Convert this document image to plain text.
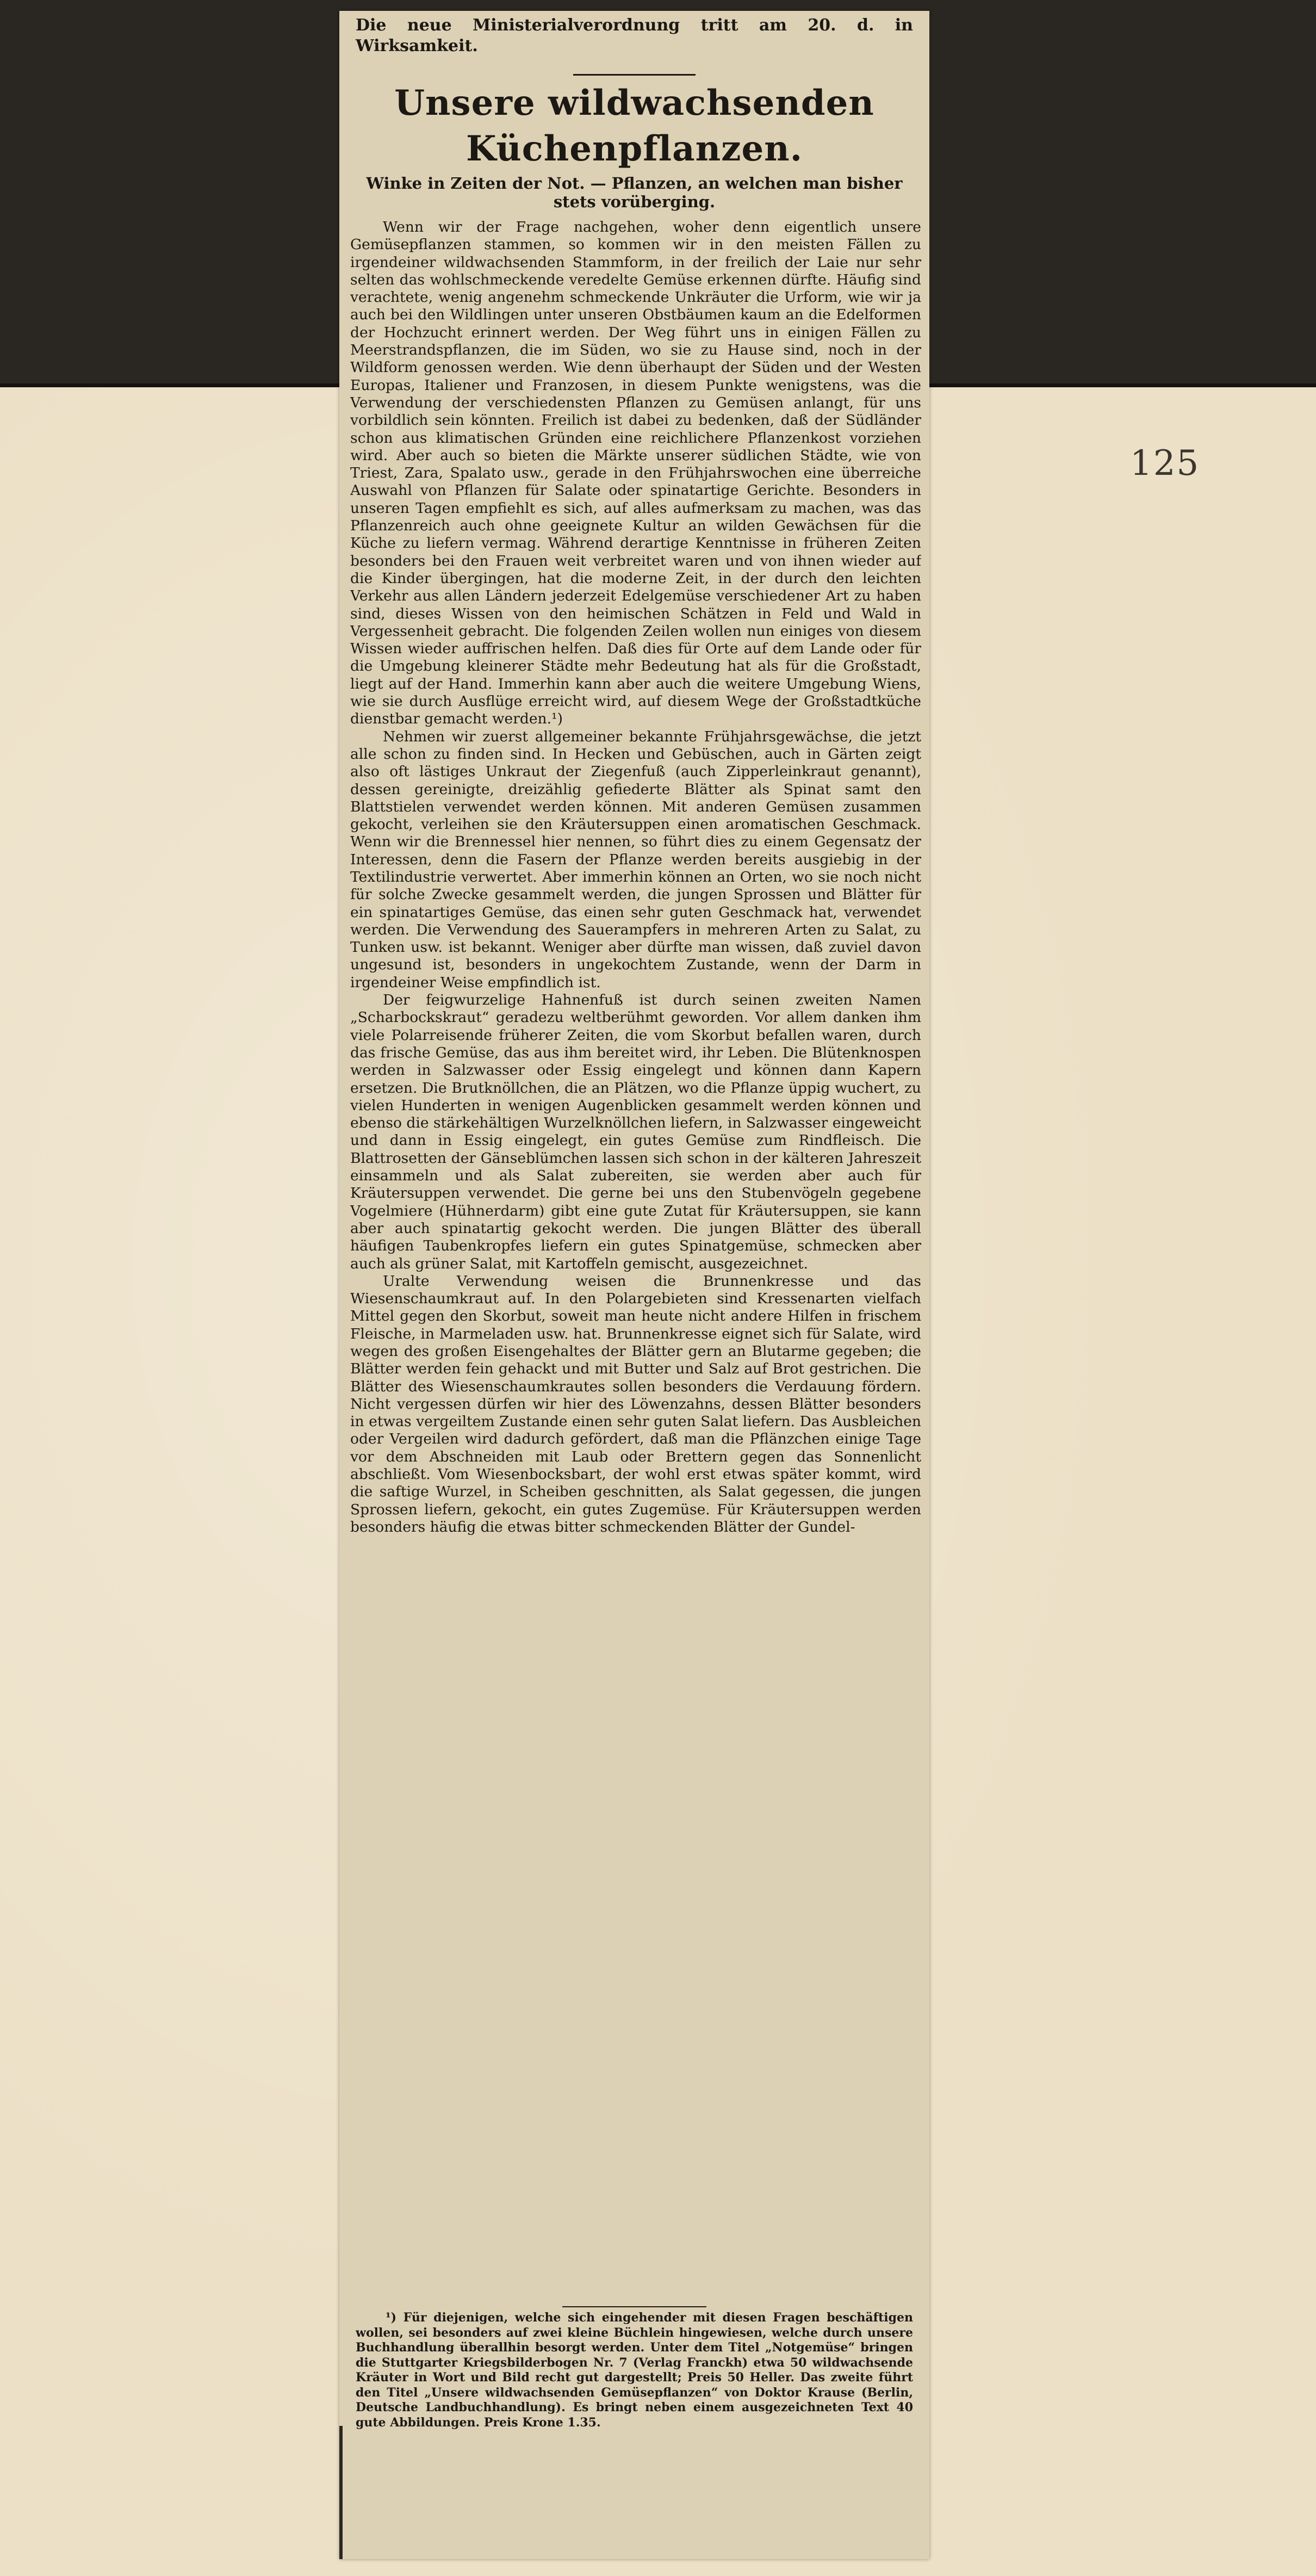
125
Die neue Ministerialverordnung tritt am 20. d. in Wirksamkeit.
Unsere wildwachsenden Küchenpflanzen.
Winke in Zeiten der Not. — Pflanzen, an welchen man bisher stets vorüberging.

Wenn wir der Frage nachgehen, woher denn eigentlich unsere Gemüsepflanzen stammen, so kommen wir in den meisten Fällen zu irgendeiner wildwachsenden Stammform, in der freilich der Laie nur sehr selten das wohlschmeckende veredelte Gemüse erkennen dürfte. Häufig sind verachtete, wenig angenehm schmeckende Unkräuter die Urform, wie wir ja auch bei den Wildlingen unter unseren Obstbäumen kaum an die Edelformen der Hochzucht erinnert werden. Der Weg führt uns in einigen Fällen zu Meerstrandspflanzen, die im Süden, wo sie zu Hause sind, noch in der Wildform genossen werden. Wie denn überhaupt der Süden und der Westen Europas, Italiener und Franzosen, in diesem Punkte wenigstens, was die Verwendung der verschiedensten Pflanzen zu Gemüsen anlangt, für uns vorbildlich sein könnten. Freilich ist dabei zu bedenken, daß der Südländer schon aus klimatischen Gründen eine reichlichere Pflanzenkost vorziehen wird. Aber auch so bieten die Märkte unserer südlichen Städte, wie von Triest, Zara, Spalato usw., gerade in den Frühjahrswochen eine überreiche Auswahl von Pflanzen für Salate oder spinatartige Gerichte. Besonders in unseren Tagen empfiehlt es sich, auf alles aufmerksam zu machen, was das Pflanzenreich auch ohne geeignete Kultur an wilden Gewächsen für die Küche zu liefern vermag. Während derartige Kenntnisse in früheren Zeiten besonders bei den Frauen weit verbreitet waren und von ihnen wieder auf die Kinder übergingen, hat die moderne Zeit, in der durch den leichten Verkehr aus allen Ländern jederzeit Edelgemüse verschiedener Art zu haben sind, dieses Wissen von den heimischen Schätzen in Feld und Wald in Vergessenheit gebracht. Die folgenden Zeilen wollen nun einiges von diesem Wissen wieder auffrischen helfen. Daß dies für Orte auf dem Lande oder für die Umgebung kleinerer Städte mehr Bedeutung hat als für die Großstadt, liegt auf der Hand. Immerhin kann aber auch die weitere Umgebung Wiens, wie sie durch Ausflüge erreicht wird, auf diesem Wege der Großstadtküche dienstbar gemacht werden.¹)

Nehmen wir zuerst allgemeiner bekannte Frühjahrsgewächse, die jetzt alle schon zu finden sind. In Hecken und Gebüschen, auch in Gärten zeigt also oft lästiges Unkraut der Ziegenfuß (auch Zipperleinkraut genannt), dessen gereinigte, dreizählig gefiederte Blätter als Spinat samt den Blattstielen verwendet werden können. Mit anderen Gemüsen zusammen gekocht, verleihen sie den Kräutersuppen einen aromatischen Geschmack. Wenn wir die Brennessel hier nennen, so führt dies zu einem Gegensatz der Interessen, denn die Fasern der Pflanze werden bereits ausgiebig in der Textilindustrie verwertet. Aber immerhin können an Orten, wo sie noch nicht für solche Zwecke gesammelt werden, die jungen Sprossen und Blätter für ein spinatartiges Gemüse, das einen sehr guten Geschmack hat, verwendet werden. Die Verwendung des Sauerampfers in mehreren Arten zu Salat, zu Tunken usw. ist bekannt. Weniger aber dürfte man wissen, daß zuviel davon ungesund ist, besonders in ungekochtem Zustande, wenn der Darm in irgendeiner Weise empfindlich ist.

Der feigwurzelige Hahnenfuß ist durch seinen zweiten Namen „Scharbockskraut“ geradezu weltberühmt geworden. Vor allem danken ihm viele Polarreisende früherer Zeiten, die vom Skorbut befallen waren, durch das frische Gemüse, das aus ihm bereitet wird, ihr Leben. Die Blütenknospen werden in Salzwasser oder Essig eingelegt und können dann Kapern ersetzen. Die Brutknöllchen, die an Plätzen, wo die Pflanze üppig wuchert, zu vielen Hunderten in wenigen Augenblicken gesammelt werden können und ebenso die stärkehältigen Wurzelknöllchen liefern, in Salzwasser eingeweicht und dann in Essig eingelegt, ein gutes Gemüse zum Rindfleisch. Die Blattrosetten der Gänseblümchen lassen sich schon in der kälteren Jahreszeit einsammeln und als Salat zubereiten, sie werden aber auch für Kräutersuppen verwendet. Die gerne bei uns den Stubenvögeln gegebene Vogelmiere (Hühnerdarm) gibt eine gute Zutat für Kräutersuppen, sie kann aber auch spinatartig gekocht werden. Die jungen Blätter des überall häufigen Taubenkropfes liefern ein gutes Spinatgemüse, schmecken aber auch als grüner Salat, mit Kartoffeln gemischt, ausgezeichnet.

Uralte Verwendung weisen die Brunnenkresse und das Wiesenschaumkraut auf. In den Polargebieten sind Kressenarten vielfach Mittel gegen den Skorbut, soweit man heute nicht andere Hilfen in frischem Fleische, in Marmeladen usw. hat. Brunnenkresse eignet sich für Salate, wird wegen des großen Eisengehaltes der Blätter gern an Blutarme gegeben; die Blätter werden fein gehackt und mit Butter und Salz auf Brot gestrichen. Die Blätter des Wiesenschaumkrautes sollen besonders die Verdauung fördern. Nicht vergessen dürfen wir hier des Löwenzahns, dessen Blätter besonders in etwas vergeiltem Zustande einen sehr guten Salat liefern. Das Ausbleichen oder Vergeilen wird dadurch gefördert, daß man die Pflänzchen einige Tage vor dem Abschneiden mit Laub oder Brettern gegen das Sonnenlicht abschließt. Vom Wiesenbocksbart, der wohl erst etwas später kommt, wird die saftige Wurzel, in Scheiben geschnitten, als Salat gegessen, die jungen Sprossen liefern, gekocht, ein gutes Zugemüse. Für Kräutersuppen werden besonders häufig die etwas bitter schmeckenden Blätter der Gundel-

¹) Für diejenigen, welche sich eingehender mit diesen Fragen beschäftigen wollen, sei besonders auf zwei kleine Büchlein hingewiesen, welche durch unsere Buchhandlung überallhin besorgt werden. Unter dem Titel „Notgemüse“ bringen die Stuttgarter Kriegsbilderbogen Nr. 7 (Verlag Franckh) etwa 50 wildwachsende Kräuter in Wort und Bild recht gut dargestellt; Preis 50 Heller. Das zweite führt den Titel „Unsere wildwachsenden Gemüsepflanzen“ von Doktor Krause (Berlin, Deutsche Landbuchhandlung). Es bringt neben einem ausgezeichneten Text 40 gute Abbildungen. Preis Krone 1.35.
